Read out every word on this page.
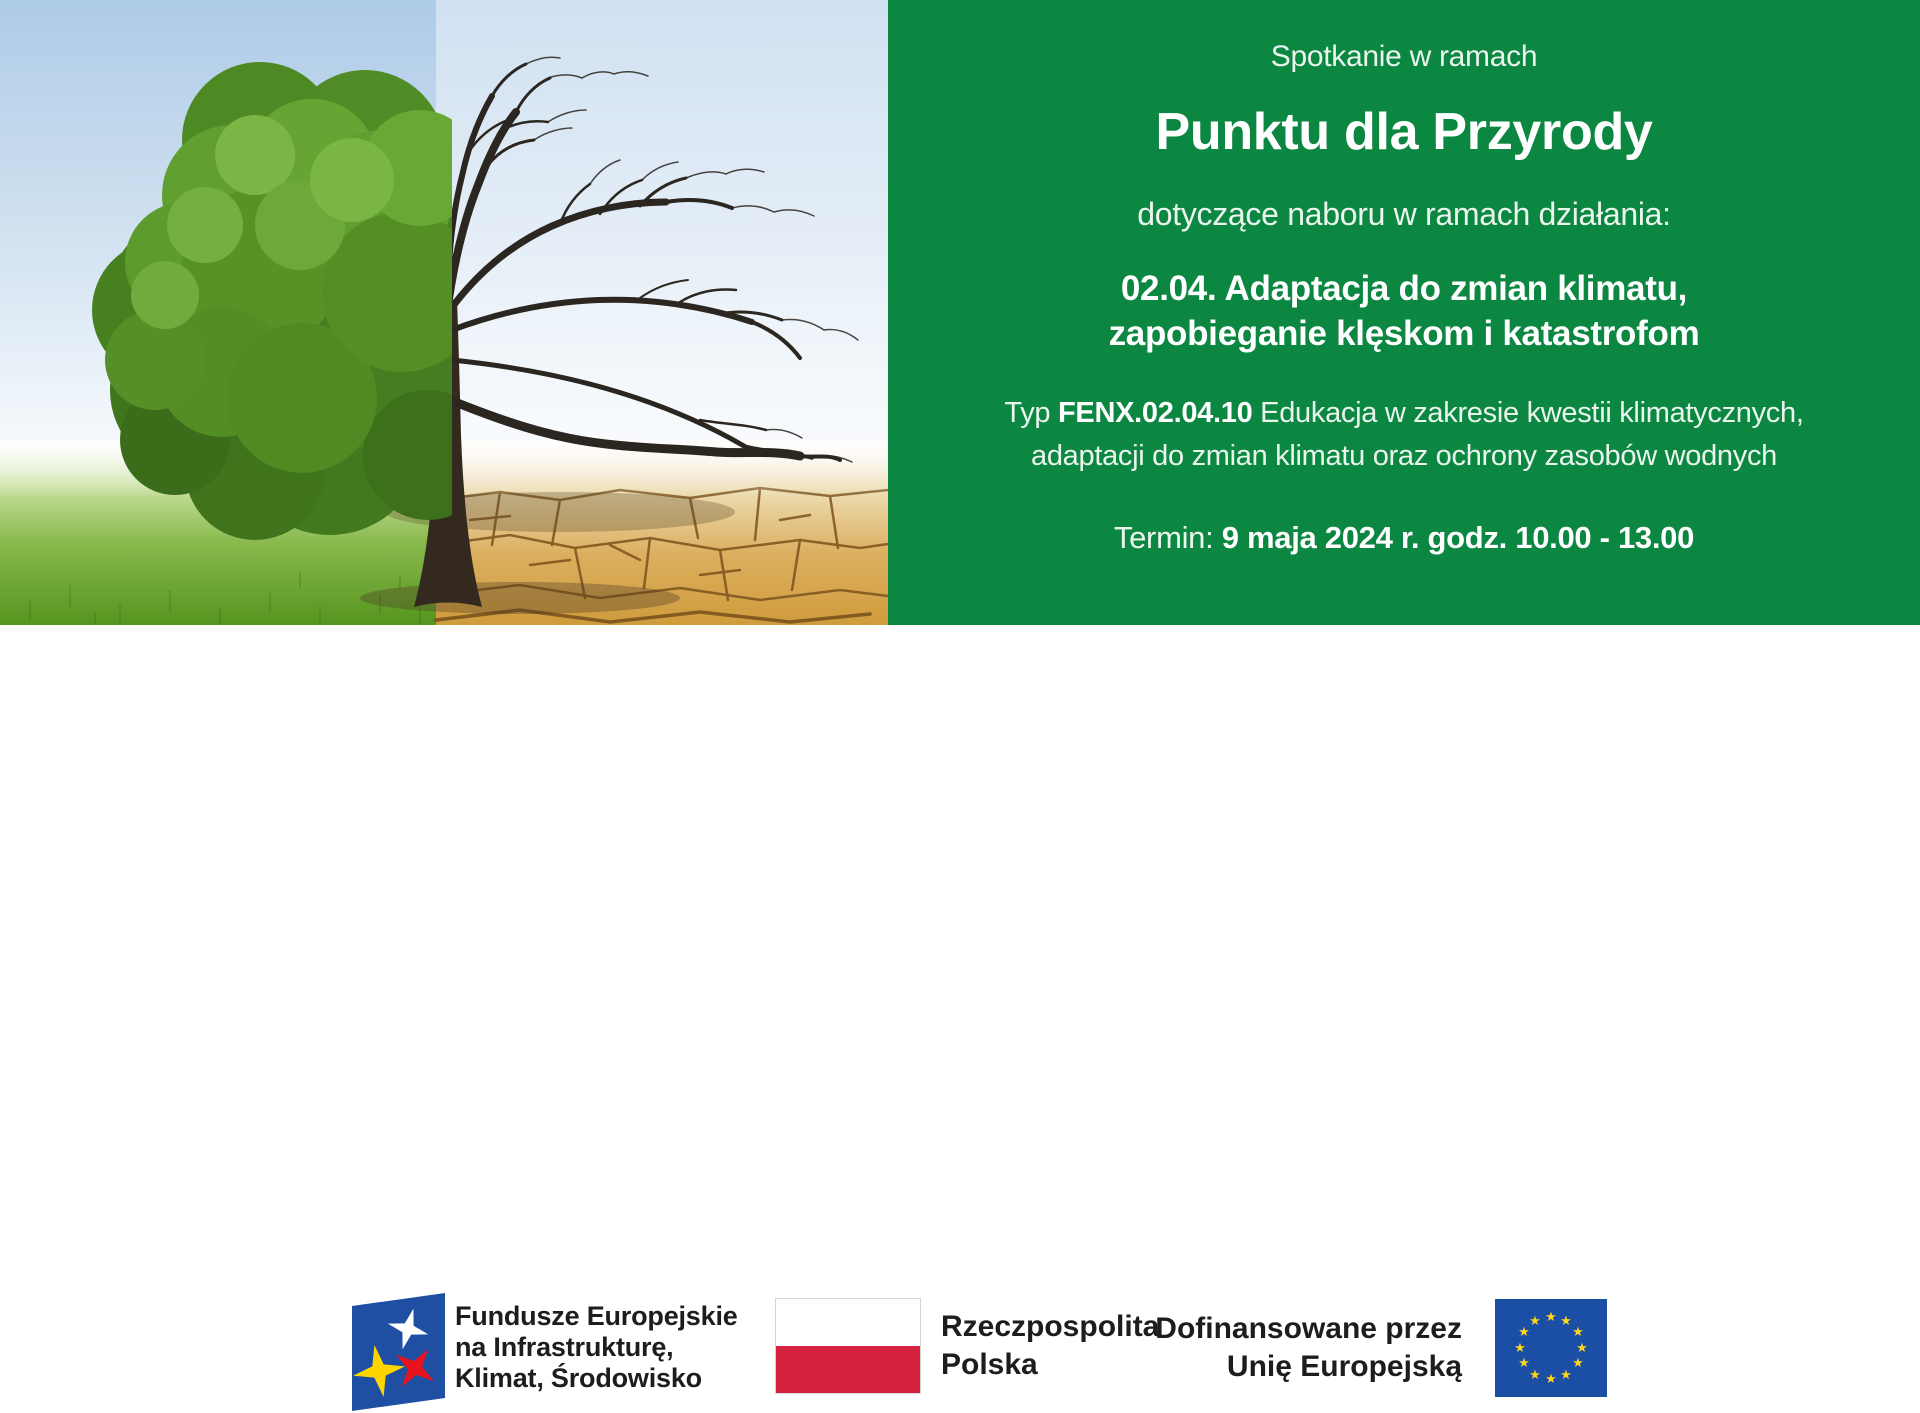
Spotkanie w ramach

Punktu dla Przyrody

dotyczące naboru w ramach działania:

02.04. Adaptacja do zmian klimatu,
zapobieganie klęskom i katastrofom

Typ FENX.02.04.10 Edukacja w zakresie kwestii klimatycznych,
adaptacji do zmian klimatu oraz ochrony zasobów wodnych

Termin: 9 maja 2024 r. godz. 10.00 - 13.00

Fundusze Europejskie
na Infrastrukturę,
Klimat, Środowisko
Rzeczpospolita
Polska
Dofinansowane przez
Unię Europejską
★ ★
★
★
★
★
★
★
★
★
★
★
